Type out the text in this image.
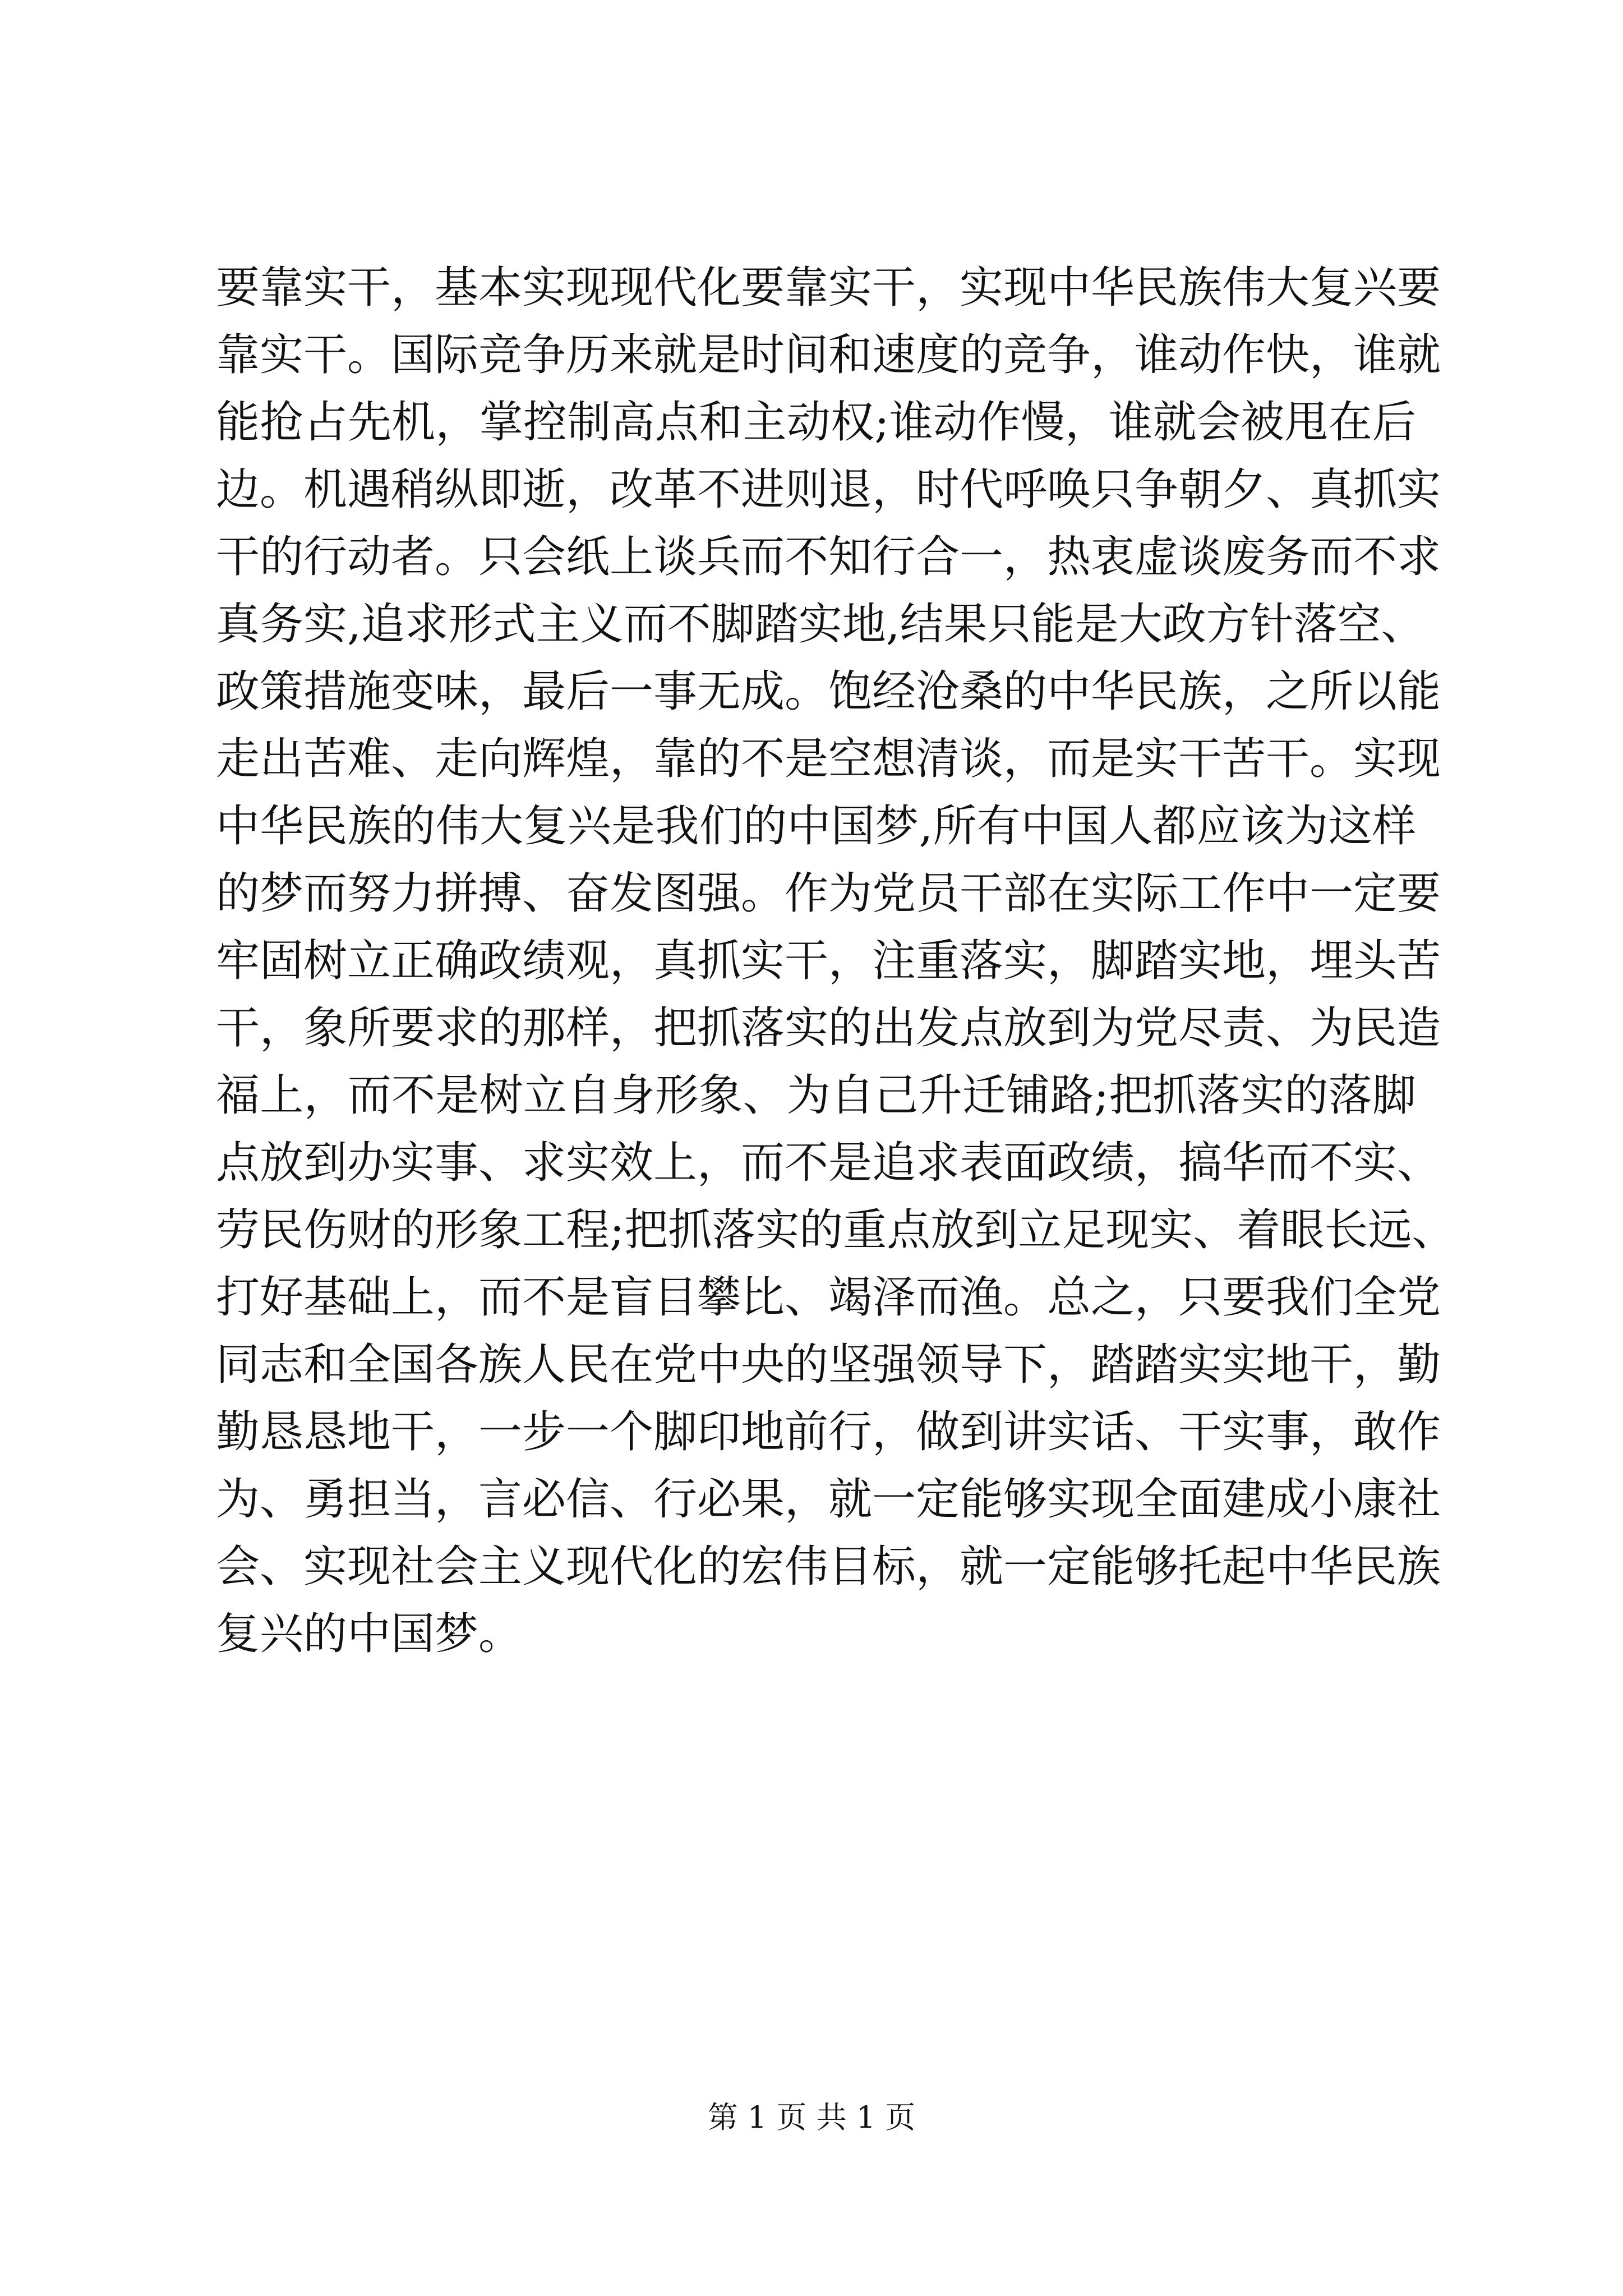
要靠实干，基本实现现代化要靠实干，实现中华民族伟大复兴要
靠实干。国际竞争历来就是时间和速度的竞争，谁动作快，谁就
能抢占先机，掌控制高点和主动权;谁动作慢，谁就会被甩在后
边。机遇稍纵即逝，改革不进则退，时代呼唤只争朝夕、真抓实
干的行动者。只会纸上谈兵而不知行合一，热衷虚谈废务而不求
真务实,追求形式主义而不脚踏实地,结果只能是大政方针落空、
政策措施变味，最后一事无成。饱经沧桑的中华民族，之所以能
走出苦难、走向辉煌，靠的不是空想清谈，而是实干苦干。实现
中华民族的伟大复兴是我们的中国梦,所有中国人都应该为这样
的梦而努力拼搏、奋发图强。作为党员干部在实际工作中一定要
牢固树立正确政绩观，真抓实干，注重落实，脚踏实地，埋头苦
干，象所要求的那样，把抓落实的出发点放到为党尽责、为民造
福上，而不是树立自身形象、为自己升迁铺路;把抓落实的落脚
点放到办实事、求实效上，而不是追求表面政绩，搞华而不实、
劳民伤财的形象工程;把抓落实的重点放到立足现实、着眼长远、
打好基础上，而不是盲目攀比、竭泽而渔。总之，只要我们全党
同志和全国各族人民在党中央的坚强领导下，踏踏实实地干，勤
勤恳恳地干，一步一个脚印地前行，做到讲实话、干实事，敢作
为、勇担当，言必信、行必果，就一定能够实现全面建成小康社
会、实现社会主义现代化的宏伟目标，就一定能够托起中华民族
复兴的中国梦。
第 1 页 共 1 页
